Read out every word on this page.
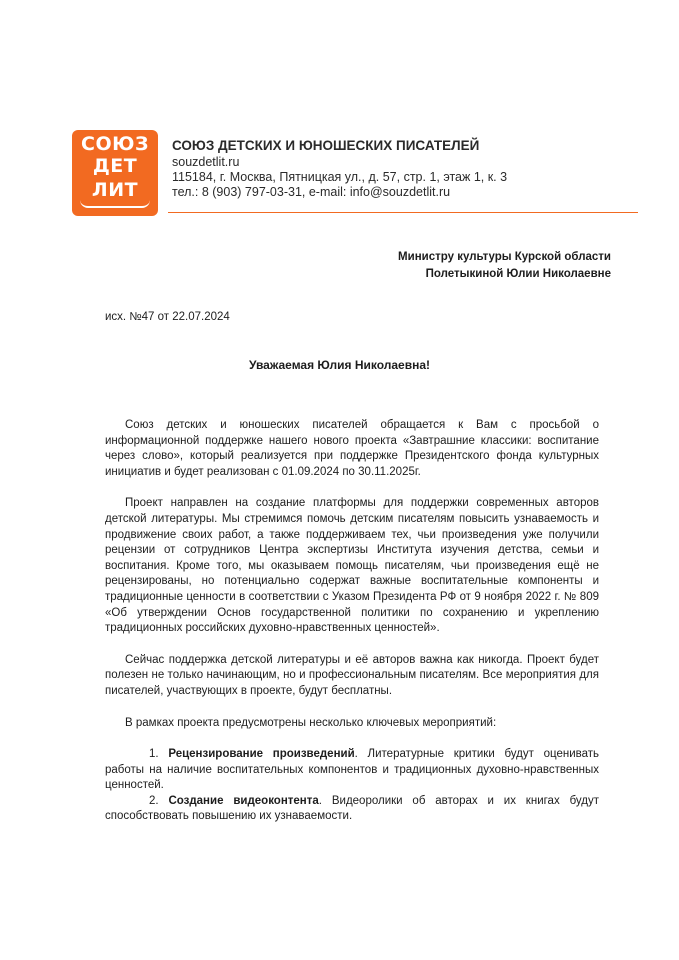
СОЮЗ
ДЕТ
ЛИТ
СОЮЗ ДЕТСКИХ И ЮНОШЕСКИХ ПИСАТЕЛЕЙ
souzdetlit.ru
115184, г. Москва, Пятницкая ул., д. 57, стр. 1, этаж 1, к. 3
тел.: 8 (903) 797-03-31, e-mail: info@souzdetlit.ru
Министру культуры Курской области
Полетыкиной Юлии Николаевне
исх. №47 от 22.07.2024
Уважаемая Юлия Николаевна!

Союз детских и юношеских писателей обращается к Вам с просьбой о информационной поддержке нашего нового проекта «Завтрашние классики: воспитание через слово», который реализуется при поддержке Президентского фонда культурных инициатив и будет реализован с 01.09.2024 по 30.11.2025г.

Проект направлен на создание платформы для поддержки современных авторов детской литературы. Мы стремимся помочь детским писателям повысить узнаваемость и продвижение своих работ, а также поддерживаем тех, чьи произведения уже получили рецензии от сотрудников Центра экспертизы Института изучения детства, семьи и воспитания. Кроме того, мы оказываем помощь писателям, чьи произведения ещё не рецензированы, но потенциально содержат важные воспитательные компоненты и традиционные ценности в соответствии с Указом Президента РФ от 9 ноября 2022 г. № 809 «Об утверждении Основ государственной политики по сохранению и укреплению традиционных российских духовно-нравственных ценностей».

Сейчас поддержка детской литературы и её авторов важна как никогда. Проект будет полезен не только начинающим, но и профессиональным писателям. Все мероприятия для писателей, участвующих в проекте, будут бесплатны.

В рамках проекта предусмотрены несколько ключевых мероприятий:

1. Рецензирование произведений. Литературные критики будут оценивать работы на наличие воспитательных компонентов и традиционных духовно-нравственных ценностей.

2. Создание видеоконтента. Видеоролики об авторах и их книгах будут способствовать повышению их узнаваемости.
